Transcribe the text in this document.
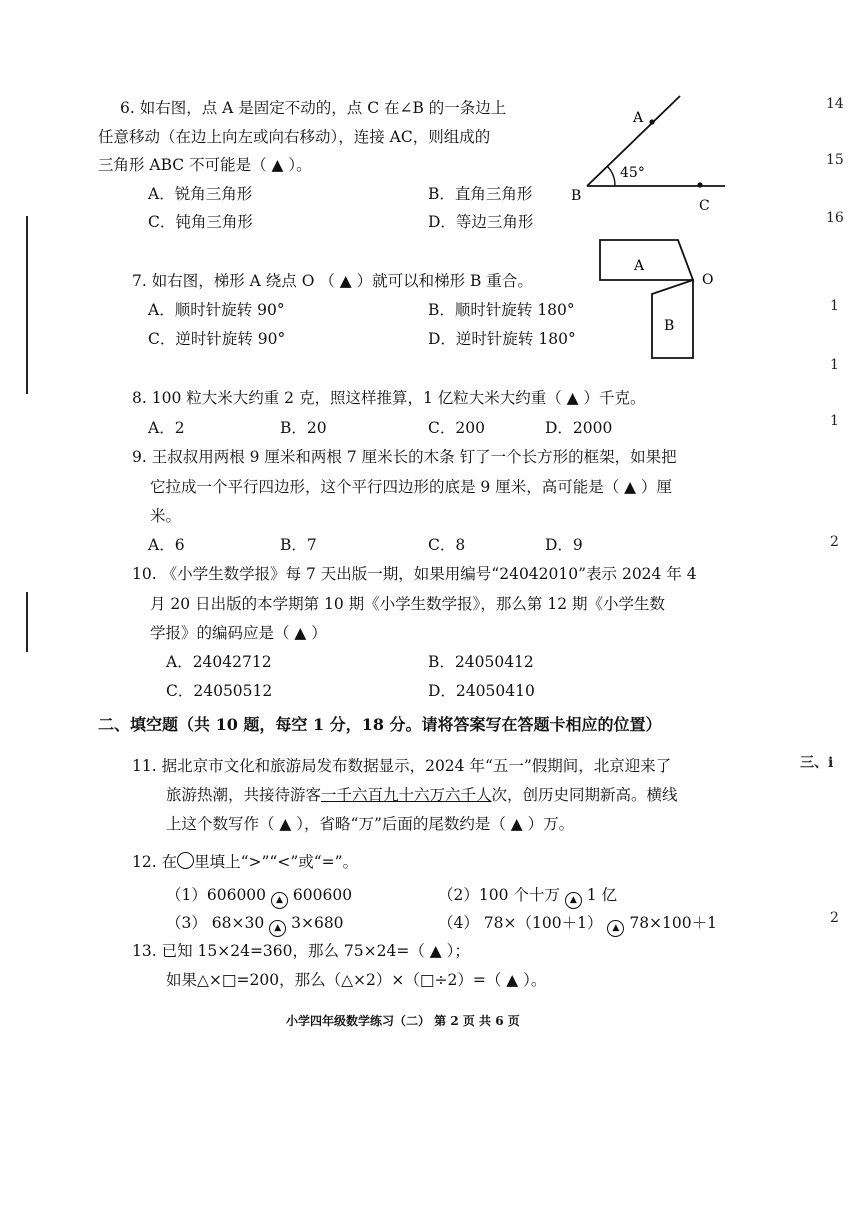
6. 如右图，点 A 是固定不动的，点 C 在∠B 的一条边上
任意移动（在边上向左或向右移动），连接 AC，则组成的
三角形 ABC 不可能是（ ▲ ）。
A．锐角三角形	B．直角三角形
C．钝角三角形	D．等边三角形
A
B
C
45°
7. 如右图，梯形 A 绕点 O （ ▲ ）就可以和梯形 B 重合。
A．顺时针旋转 90°	B．顺时针旋转 180°
C．逆时针旋转 90°	D．逆时针旋转 180°
A
B
O
8. 100 粒大米大约重 2 克，照这样推算，1 亿粒大米大约重（ ▲ ）千克。
A．2	B．20	C．200	D．2000
9. 王叔叔用两根 9 厘米和两根 7 厘米长的木条 钉了一个长方形的框架，如果把
它拉成一个平行四边形，这个平行四边形的底是 9 厘米，高可能是（ ▲ ）厘
米。
A．6	B．7	C．8	D．9
10. 《小学生数学报》每 7 天出版一期，如果用编号“24042010”表示 2024 年 4
月 20 日出版的本学期第 10 期《小学生数学报》，那么第 12 期《小学生数
学报》的编码应是（ ▲ ）
A．24042712	B．24050412
C．24050512	D．24050410
二、填空题（共 10 题，每空 1 分，18 分。请将答案写在答题卡相应的位置）
11. 据北京市文化和旅游局发布数据显示，2024 年“五一”假期间，北京迎来了
旅游热潮，共接待游客一千六百九十六万六千人次，创历史同期新高。横线
上这个数写作（ ▲ ），省略“万”后面的尾数约是（ ▲ ）万。
12. 在 里填上“>”“<”或“=”。
（1）606000 ▲ 600600	（2）100 个十万 ▲ 1 亿
（3） 68×30 ▲ 3×680	（4） 78×（100＋1） ▲ 78×100＋1
13. 已知 15×24=360，那么 75×24=（ ▲ ）；
如果△×□=200，那么（△×2）×（□÷2）=（ ▲ ）。
小学四年级数学练习（二） 第 2 页 共 6 页
14
15
16
1
1
1
2
三、i
2
